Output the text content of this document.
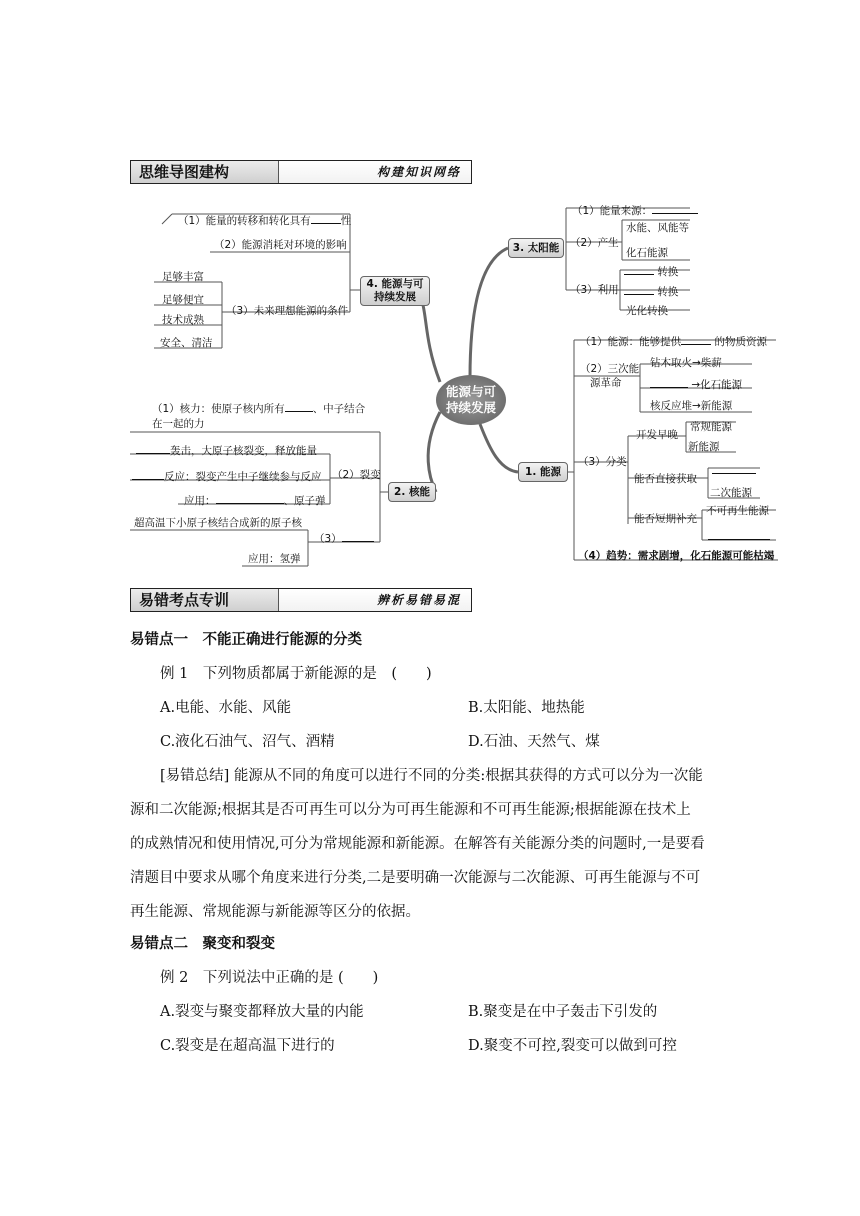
思维导图建构	构建知识网络
能源与可
持续发展
3. 太阳能
4. 能源与可
持续发展
2. 核能
1. 能源
（1）能量来源：
（2）产生
水能、风能等
化石能源
（3）利用
转换
转换
光化转换
（1）能量的转移和转化具有	性
（2）能源消耗对环境的影响
（3）未来理想能源的条件
足够丰富
足够便宜
技术成熟
安全、清洁
（1）核力：使原子核内所有	、中子结合
在一起的力
轰击，大原子核裂变，释放能量
反应：裂变产生中子继续参与反应 （2）裂变
应用：	、原子弹
超高温下小原子核结合成新的原子核
（3）
应用：氢弹
（1）能源：能够提供	的物质资源
（2）三次能
源革命
钻木取火→柴薪
→化石能源
核反应堆→新能源
（3）分类
开发早晚
能否直接获取
能否短期补充
常规能源
新能源
二次能源
不可再生能源
（4）趋势：需求剧增，化石能源可能枯竭
易错考点专训	辨析易错易混
易错点一　不能正确进行能源的分类
例 1　下列物质都属于新能源的是　(　　)
A.电能、水能、风能	B.太阳能、地热能
C.液化石油气、沼气、酒精	D.石油、天然气、煤
[易错总结] 能源从不同的角度可以进行不同的分类:根据其获得的方式可以分为一次能
源和二次能源;根据其是否可再生可以分为可再生能源和不可再生能源;根据能源在技术上
的成熟情况和使用情况,可分为常规能源和新能源。在解答有关能源分类的问题时,一是要看
清题目中要求从哪个角度来进行分类,二是要明确一次能源与二次能源、可再生能源与不可
再生能源、常规能源与新能源等区分的依据。
易错点二　聚变和裂变
例 2　下列说法中正确的是 (　　)
A.裂变与聚变都释放大量的内能	B.聚变是在中子轰击下引发的
C.裂变是在超高温下进行的	D.聚变不可控,裂变可以做到可控
